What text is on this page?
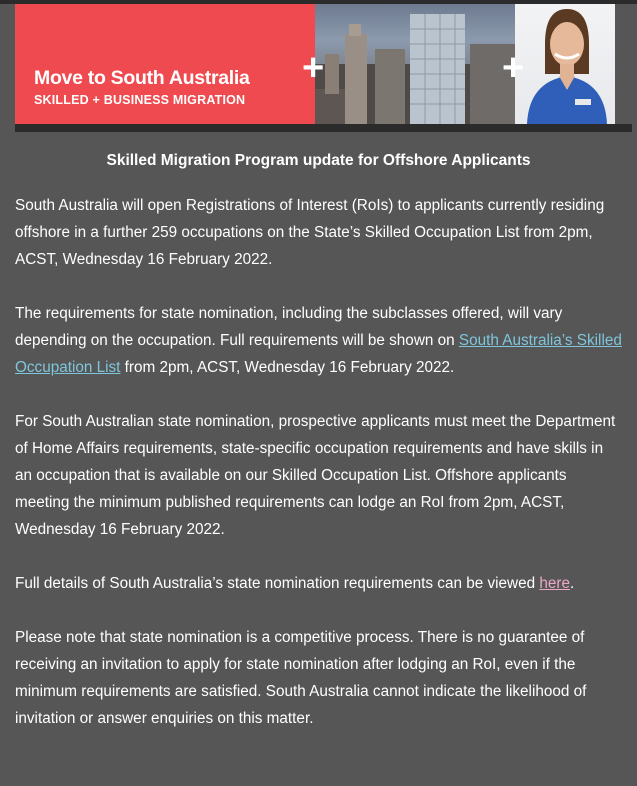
Move to South Australia
SKILLED + BUSINESS MIGRATION
+	+
Skilled Migration Program update for Offshore Applicants

South Australia will open Registrations of Interest (RoIs) to applicants currently residing offshore in a further 259 occupations on the State’s Skilled Occupation List from 2pm, ACST, Wednesday 16 February 2022.

The requirements for state nomination, including the subclasses offered, will vary depending on the occupation. Full requirements will be shown on South Australia’s Skilled Occupation List from 2pm, ACST, Wednesday 16 February 2022.

For South Australian state nomination, prospective applicants must meet the Department of Home Affairs requirements, state-specific occupation requirements and have skills in an occupation that is available on our Skilled Occupation List. Offshore applicants meeting the minimum published requirements can lodge an RoI from 2pm, ACST, Wednesday 16 February 2022.

Full details of South Australia’s state nomination requirements can be viewed here.

Please note that state nomination is a competitive process. There is no guarantee of receiving an invitation to apply for state nomination after lodging an RoI, even if the minimum requirements are satisfied. South Australia cannot indicate the likelihood of invitation or answer enquiries on this matter.
